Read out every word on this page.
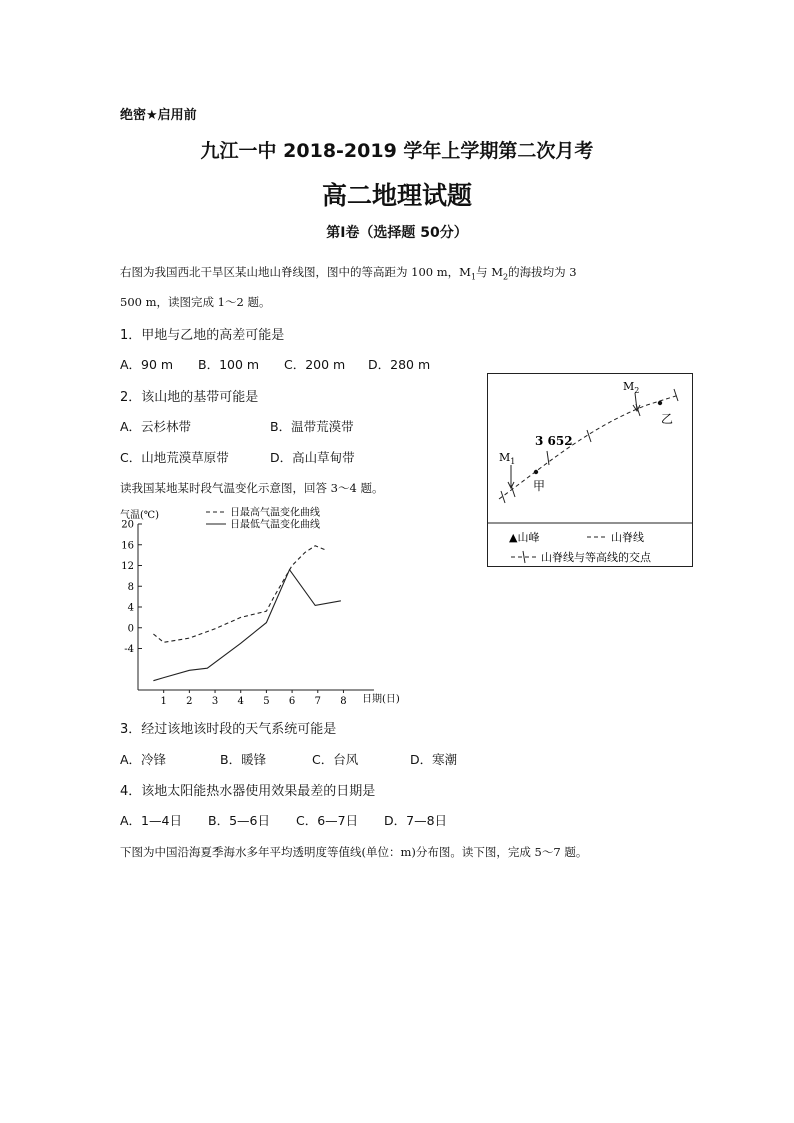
绝密★启用前
九江一中 2018-2019 学年上学期第二次月考
高二地理试题
第Ⅰ卷（选择题 50分）
右图为我国西北干旱区某山地山脊线图，图中的等高距为 100 m，$M_1$与 $M_2$的海拔均为 3
500 m，读图完成 1～2 题。
1．甲地与乙地的高差可能是
A．90 m B．100 m C．200 m D．280 m
2．该山地的基带可能是
A．云杉林带	B．温带荒漠带
C．山地荒漠草原带	D．高山草甸带
读我国某地某时段气温变化示意图，回答 3～4 题。
$M_1$
$M_2$
3 652
甲
乙
▲山峰	山脊线
山脊线与等高线的交点
-4
0
4
8
12
16
20
1 2 3 4 5 6 7 8
气温(℃)
日期(日)
日最高气温变化曲线
日最低气温变化曲线
3．经过该地该时段的天气系统可能是
A．冷锋	B．暖锋	C．台风	D．寒潮
4．该地太阳能热水器使用效果最差的日期是
A．1—4日 B．5—6日 C．6—7日 D．7—8日
下图为中国沿海夏季海水多年平均透明度等值线(单位：m)分布图。读下图，完成 5～7 题。
